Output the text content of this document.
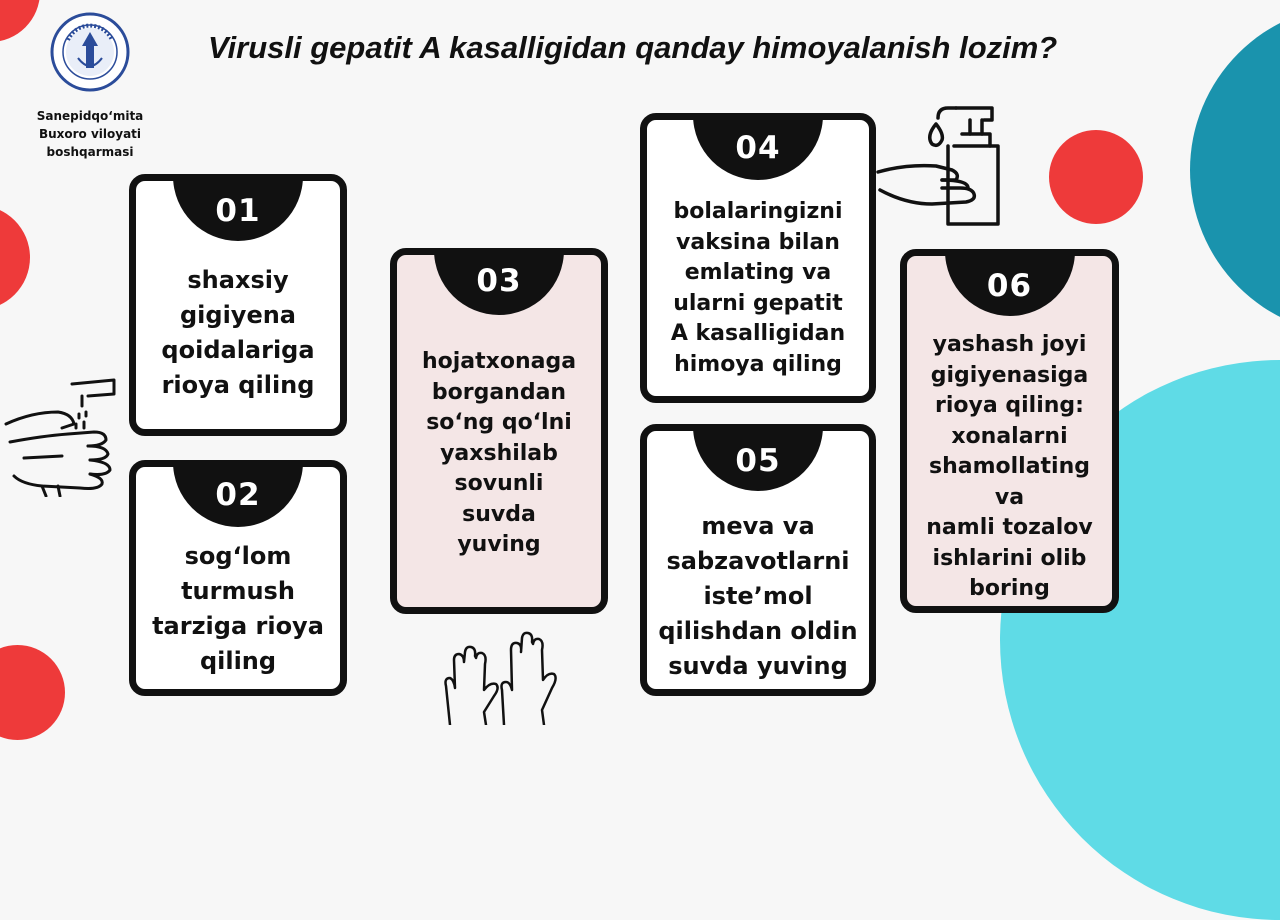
Sanepidqo‘mita
Buxoro viloyati
boshqarmasi
Virusli gepatit A kasalligidan qanday himoyalanish lozim?
01
shaxsiy
gigiyena
qoidalariga
rioya qiling
02
sog‘lom
turmush
tarziga rioya
qiling
03
hojatxonaga
borgandan
so‘ng qo‘lni
yaxshilab
sovunli
suvda
yuving
04
bolalaringizni
vaksina bilan
emlating va
ularni gepatit
A kasalligidan
himoya qiling
05
meva va
sabzavotlarni
iste’mol
qilishdan oldin
suvda yuving
06
yashash joyi
gigiyenasiga
rioya qiling:
xonalarni
shamollating va
namli tozalov
ishlarini olib
boring
